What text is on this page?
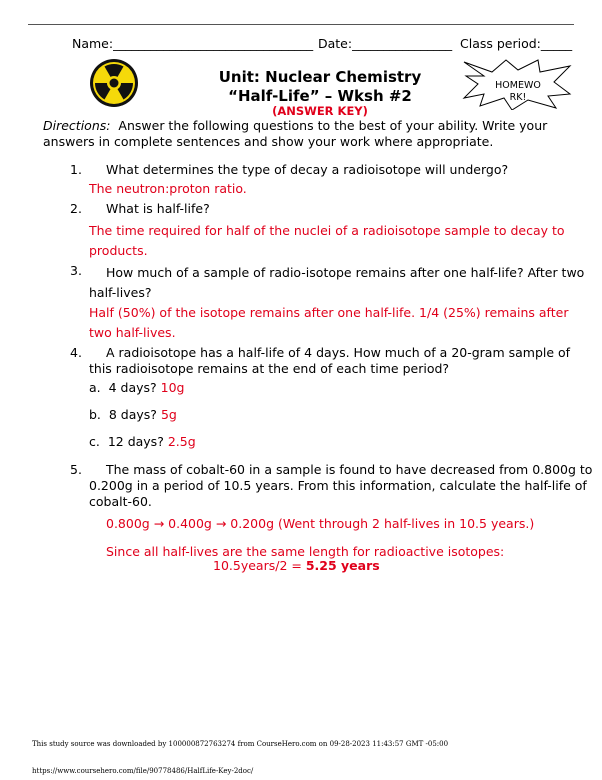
Name:________________________________ Date:________________ Class period:_____
Unit: Nuclear Chemistry
“Half-Life” – Wksh #2
(ANSWER KEY)
HOMEWO
RK!
Directions: Answer the following questions to the best of your ability. Write your
answers in complete sentences and show your work where appropriate.
1. What determines the type of decay a radioisotope will undergo?
The neutron:proton ratio.
2. What is half-life?
The time required for half of the nuclei of a radioisotope sample to decay to
products.
3.	How much of a sample of radio-isotope remains after one half-life? After two
half-lives?
Half (50%) of the isotope remains after one half-life. 1/4 (25%) remains after
two half-lives.
4.	A radioisotope has a half-life of 4 days. How much of a 20-gram sample of
this radioisotope remains at the end of each time period?
a. 4 days? 10g
b. 8 days? 5g
c. 12 days? 2.5g
5.	The mass of cobalt-60 in a sample is found to have decreased from 0.800g to
0.200g in a period of 10.5 years. From this information, calculate the half-life of
cobalt-60.
0.800g → 0.400g → 0.200g (Went through 2 half-lives in 10.5 years.)
Since all half-lives are the same length for radioactive isotopes:
10.5years/2 = 5.25 years
This study source was downloaded by 100000872763274 from CourseHero.com on 09-28-2023 11:43:57 GMT -05:00
https://www.coursehero.com/file/90778486/HalfLife-Key-2doc/
